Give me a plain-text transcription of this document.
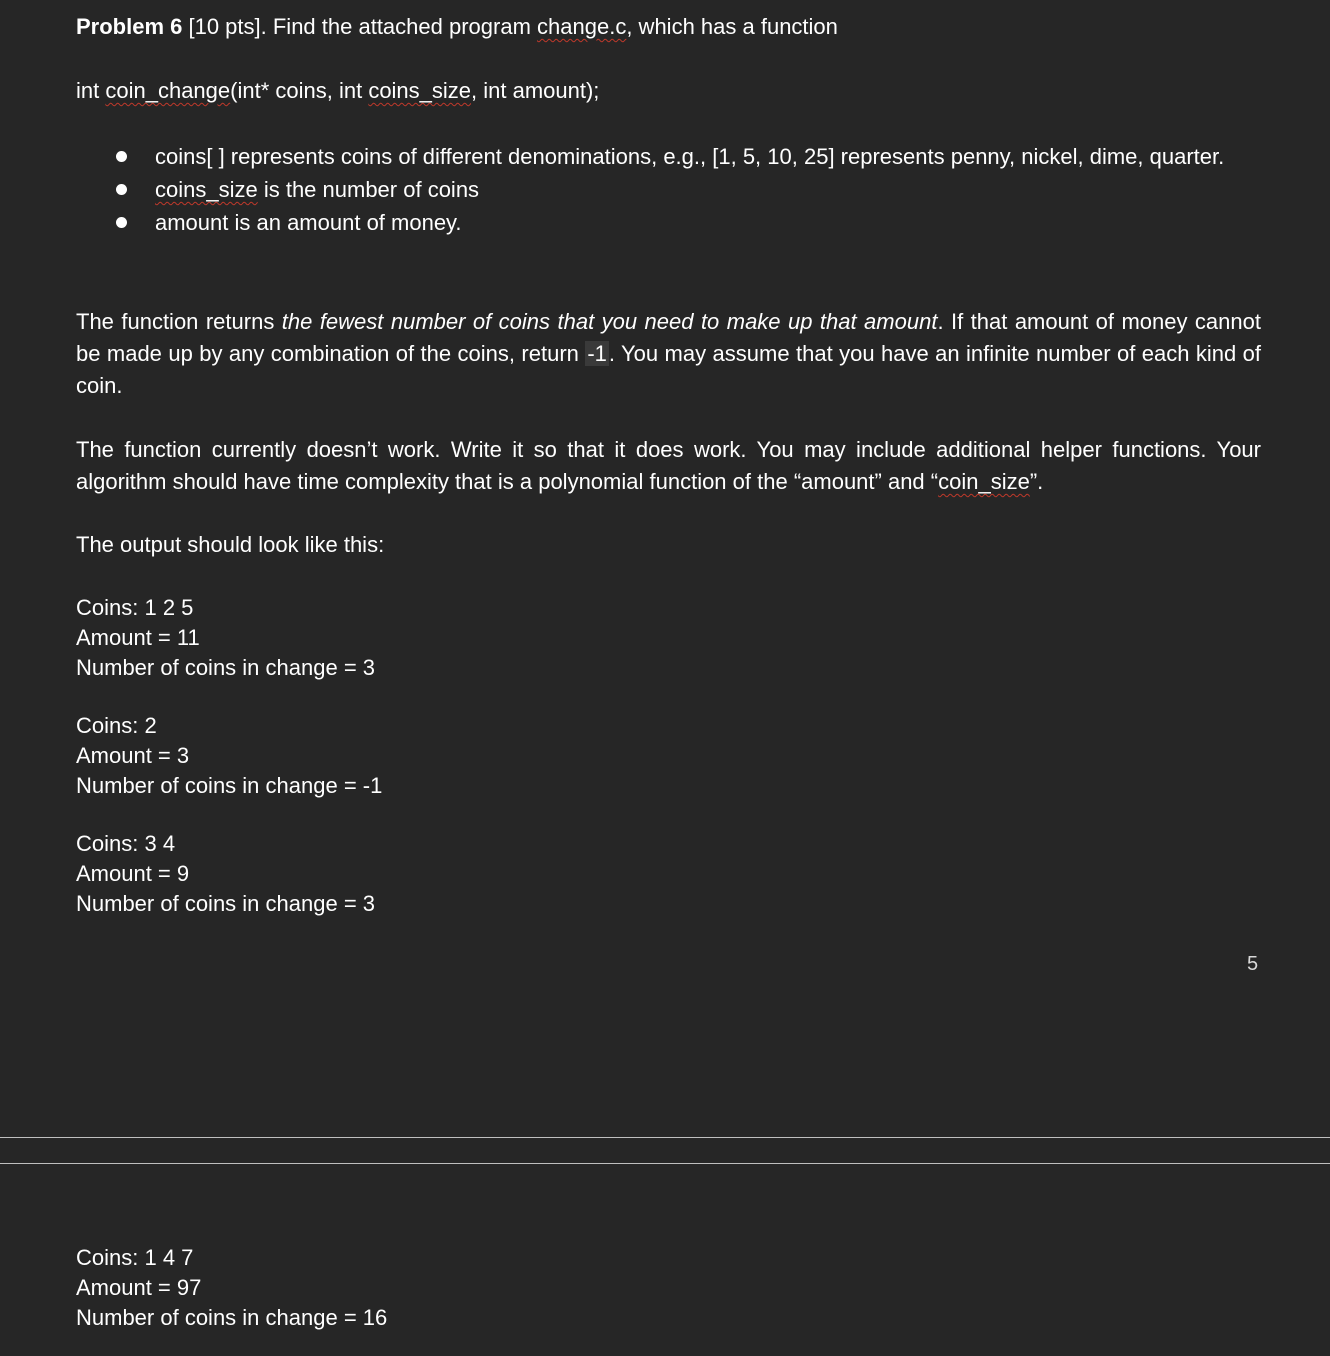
Problem 6 [10 pts]. Find the attached program change.c, which has a function
int coin_change(int* coins, int coins_size, int amount);
coins[ ] represents coins of different denominations, e.g., [1, 5, 10, 25] represents penny, nickel, dime, quarter.
coins_size is the number of coins
amount is an amount of money.
The function returns the fewest number of coins that you need to make up that amount. If that amount of money cannot be made up by any combination of the coins, return -1. You may assume that you have an infinite number of each kind of coin.
The function currently doesn’t work. Write it so that it does work. You may include additional helper functions. Your algorithm should have time complexity that is a polynomial function of the “amount” and “coin_size”.
The output should look like this:
Coins: 1 2 5
Amount = 11
Number of coins in change = 3
Coins: 2
Amount = 3
Number of coins in change = -1
Coins: 3 4
Amount = 9
Number of coins in change = 3
5
Coins: 1 4 7
Amount = 97
Number of coins in change = 16
